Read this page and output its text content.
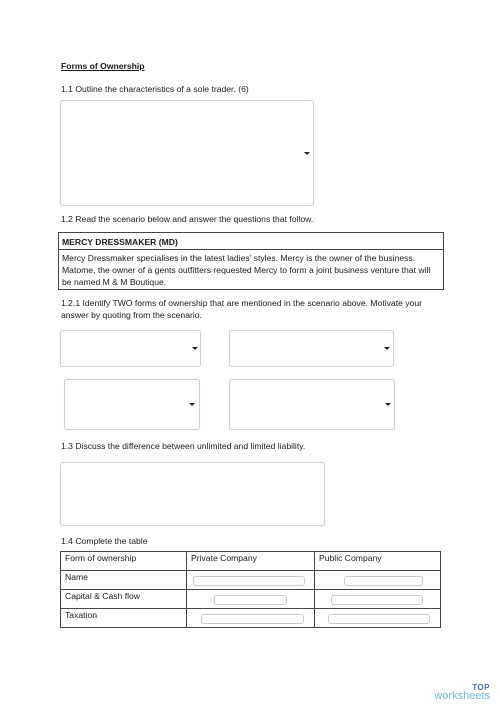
Forms of Ownership
1.1 Outline the characteristics of a sole trader. (6)
1.2 Read the scenario below and answer the questions that follow.
MERCY DRESSMAKER (MD)
Mercy Dressmaker specialises in the latest ladies’ styles. Mercy is the owner of the business. Matome, the owner of a gents outfitters requested Mercy to form a joint business venture that will be named M & M Boutique.
1.2.1 Identify TWO forms of ownership that are mentioned in the scenario above. Motivate your answer by quoting from the scenario.
1.3 Discuss the difference between unlimited and limited liability.
1.4 Complete the table
Form of ownership	Private Company	Public Company
Name		
Capital & Cash flow		
Taxation		
TOP
worksheets
